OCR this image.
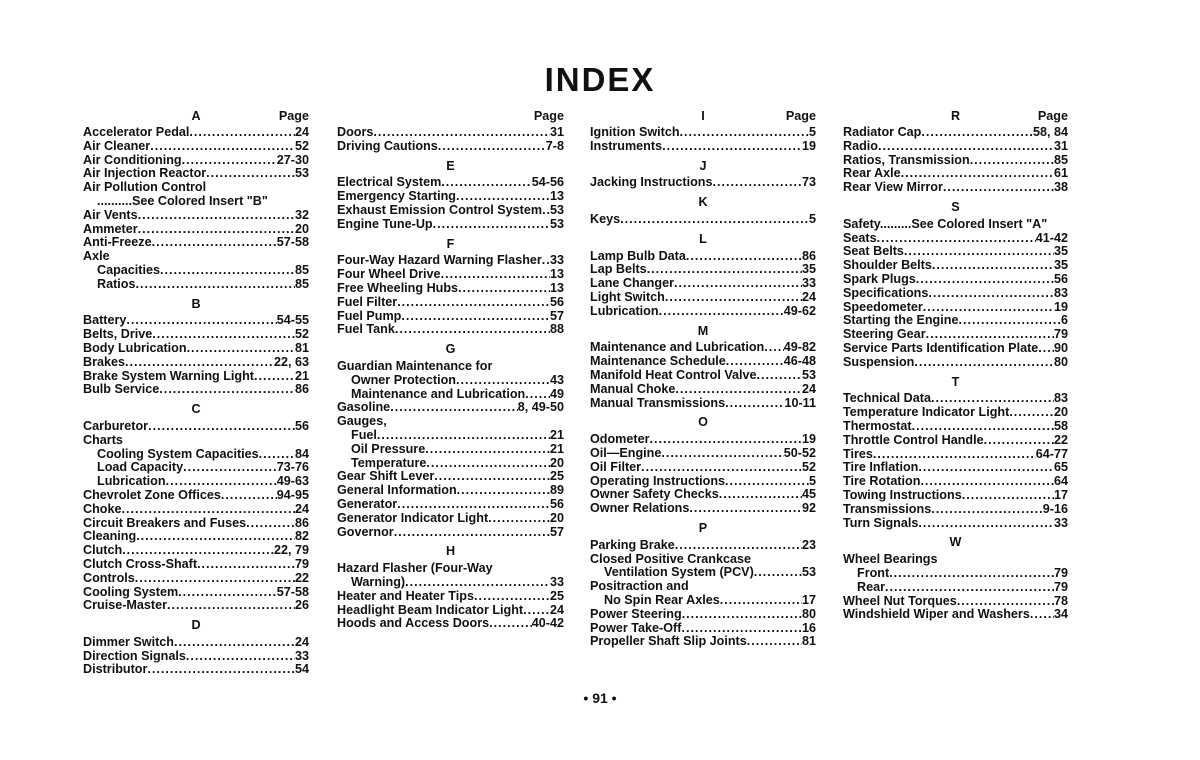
INDEX
A	Page
Accelerator Pedal .....	24
Air Cleaner .....	52
Air Conditioning .....	27-30
Air Injection Reactor .....	53
Air Pollution Control
..........See Colored Insert "B"
Air Vents .....	32
Ammeter .....	20
Anti-Freeze .....	57-58
Axle
Capacities .....	85
Ratios .....	85
B
Battery .....	54-55
Belts, Drive .....	52
Body Lubrication .....	81
Brakes .....	22, 63
Brake System Warning Light .....	21
Bulb Service .....	86
C
Carburetor .....	56
Charts
Cooling System Capacities .....	84
Load Capacity .....	73-76
Lubrication .....	49-63
Chevrolet Zone Offices .....	94-95
Choke .....	24
Circuit Breakers and Fuses .....	86
Cleaning .....	82
Clutch .....	22, 79
Clutch Cross-Shaft .....	79
Controls .....	22
Cooling System .....	57-58
Cruise-Master .....	26
D
Dimmer Switch .....	24
Direction Signals .....	33
Distributor .....	54
Page
Doors .....	31
Driving Cautions .....	7-8
E
Electrical System .....	54-56
Emergency Starting .....	13
Exhaust Emission Control System ..... 53
Engine Tune-Up .....	53
F
Four-Way Hazard Warning Flasher ..... 33
Four Wheel Drive .....	13
Free Wheeling Hubs .....	13
Fuel Filter .....	56
Fuel Pump .....	57
Fuel Tank .....	88
G
Guardian Maintenance for
Owner Protection .....	43
Maintenance and Lubrication ..... 49
Gasoline .....	8, 49-50
Gauges,
Fuel .....	21
Oil Pressure .....	21
Temperature .....	20
Gear Shift Lever .....	25
General Information .....	89
Generator .....	56
Generator Indicator Light .....	20
Governor .....	57
H
Hazard Flasher (Four-Way
Warning) .....	33
Heater and Heater Tips .....	25
Headlight Beam Indicator Light ..... 24
Hoods and Access Doors .....	40-42
I	Page
Ignition Switch .....	5
Instruments .....	19
J
Jacking Instructions .....	73
K
Keys .....	5
L
Lamp Bulb Data .....	86
Lap Belts .....	35
Lane Changer .....	33
Light Switch .....	24
Lubrication .....	49-62
M
Maintenance and Lubrication ..... 49-82
Maintenance Schedule .....	46-48
Manifold Heat Control Valve .....	53
Manual Choke .....	24
Manual Transmissions .....	10-11
O
Odometer .....	19
Oil—Engine .....	50-52
Oil Filter .....	52
Operating Instructions .....	5
Owner Safety Checks .....	45
Owner Relations .....	92
P
Parking Brake .....	23
Closed Positive Crankcase
Ventilation System (PCV) .....	53
Positraction and
No Spin Rear Axles .....	17
Power Steering .....	80
Power Take-Off .....	16
Propeller Shaft Slip Joints .....	81
R	Page
Radiator Cap .....	58, 84
Radio .....	31
Ratios, Transmission .....	85
Rear Axle .....	61
Rear View Mirror .....	38
S
Safety.........See Colored Insert "A"
Seats .....	41-42
Seat Belts .....	35
Shoulder Belts .....	35
Spark Plugs .....	56
Specifications .....	83
Speedometer .....	19
Starting the Engine .....	6
Steering Gear .....	79
Service Parts Identification Plate ..... 90
Suspension .....	80
T
Technical Data .....	83
Temperature Indicator Light .....	20
Thermostat .....	58
Throttle Control Handle .....	22
Tires .....	64-77
Tire Inflation .....	65
Tire Rotation .....	64
Towing Instructions .....	17
Transmissions .....	9-16
Turn Signals .....	33
W
Wheel Bearings
Front .....	79
Rear .....	79
Wheel Nut Torques .....	78
Windshield Wiper and Washers ..... 34
• 91 •
